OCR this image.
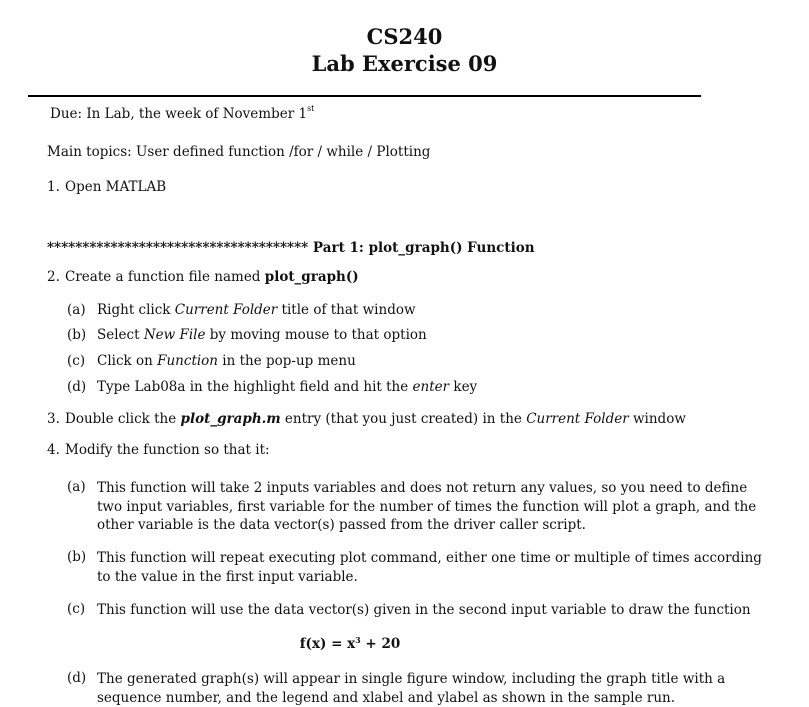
CS240
Lab Exercise 09

Due: In Lab, the week of November 1st

Main topics: User defined function /for / while / Plotting

1. Open MATLAB

************************************* Part 1: plot_graph() Function

2. Create a function file named plot_graph()

(a) Right click Current Folder title of that window
(b) Select New File by moving mouse to that option
(c) Click on Function in the pop-up menu
(d) Type Lab08a in the highlight field and hit the enter key

3. Double click the plot_graph.m entry (that you just created) in the Current Folder window

4. Modify the function so that it:

(a) This function will take 2 inputs variables and does not return any values, so you need to define two input variables, first variable for the number of times the function will plot a graph, and the other variable is the data vector(s) passed from the driver caller script.

(b) This function will repeat executing plot command, either one time or multiple of times according to the value in the first input variable.

(c) This function will use the data vector(s) given in the second input variable to draw the function

$f(x) = x^3 + 20$
(d) The generated graph(s) will appear in single figure window, including the graph title with a sequence number, and the legend and xlabel and ylabel as shown in the sample run.
